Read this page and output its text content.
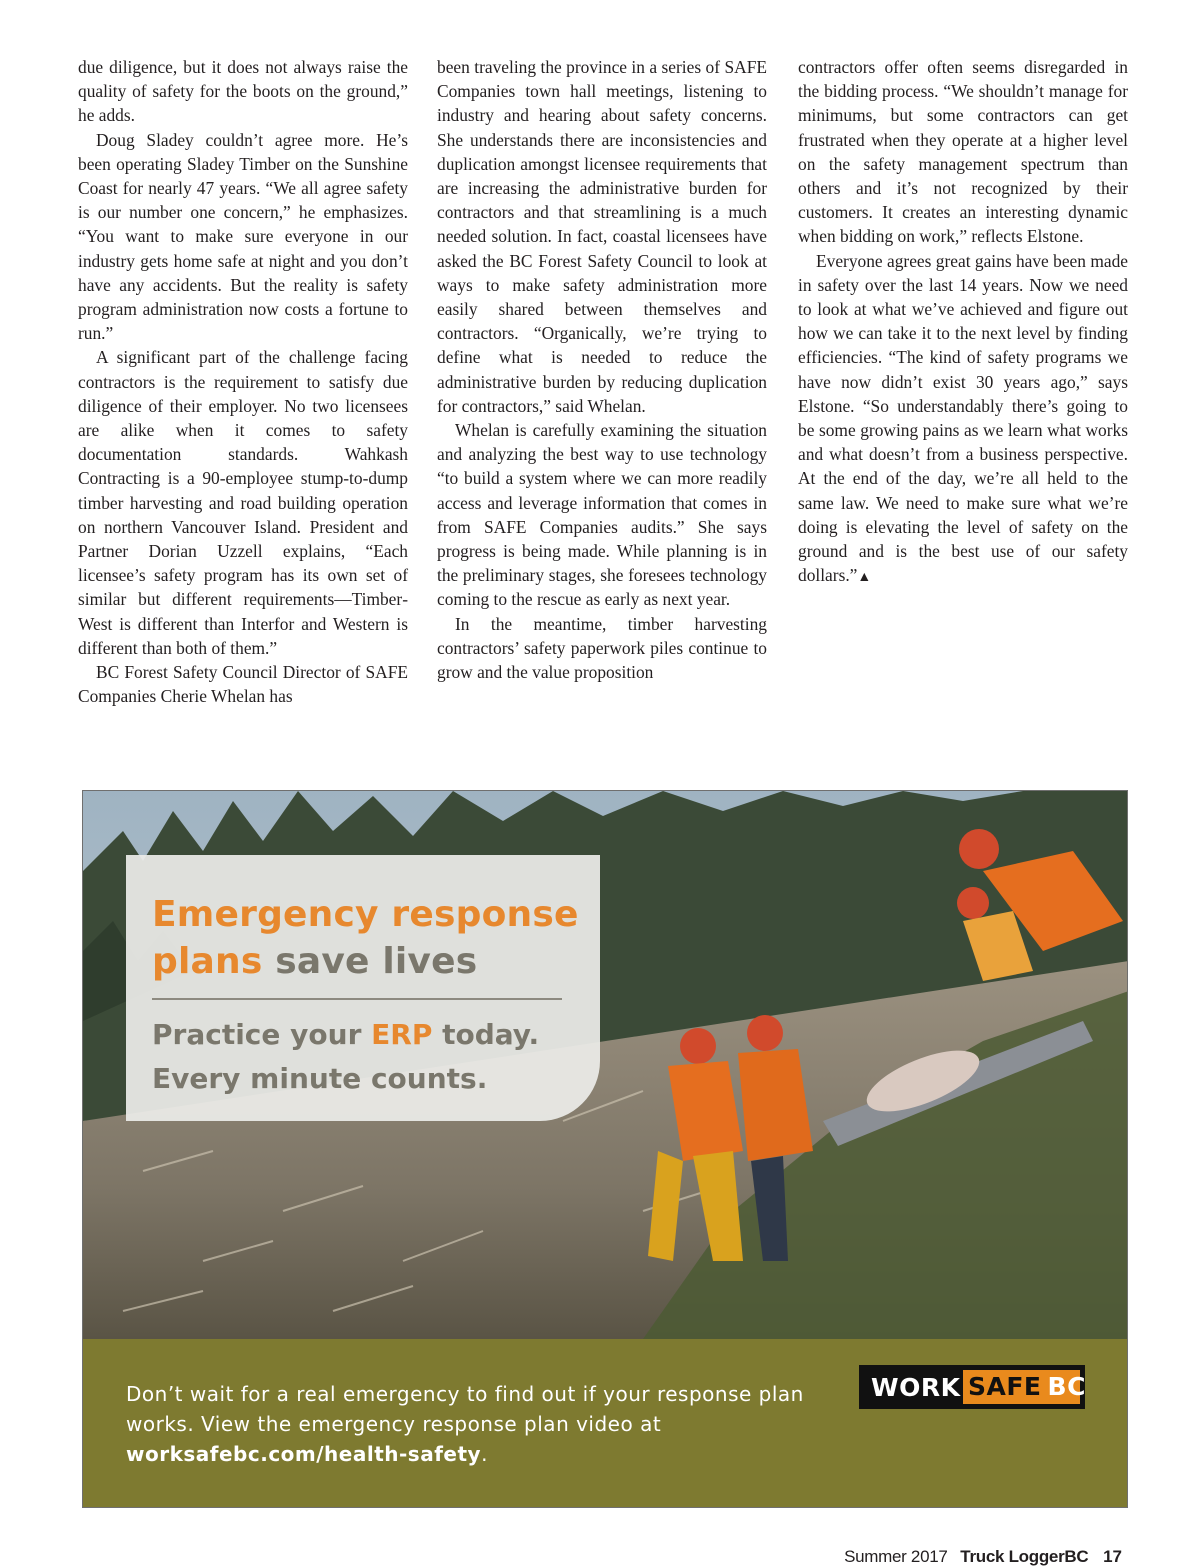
due diligence, but it does not always raise the quality of safety for the boots on the ground,” he adds.

Doug Sladey couldn’t agree more. He’s been operating Sladey Timber on the Sunshine Coast for nearly 47 years. “We all agree safety is our number one concern,” he emphasizes. “You want to make sure everyone in our industry gets home safe at night and you don’t have any accidents. But the reality is safety program administration now costs a fortune to run.”

A significant part of the challenge facing contractors is the requirement to satisfy due diligence of their employer. No two licensees are alike when it comes to safety documentation standards. Wahkash Contracting is a 90-employee stump-to-dump timber harvesting and road building operation on northern Vancouver Island. President and Partner Dorian Uzzell explains, “Each licensee’s safety program has its own set of similar but different requirements—TimberWest is different than Interfor and Western is different than both of them.”

BC Forest Safety Council Director of SAFE Companies Cherie Whelan has

been traveling the province in a series of SAFE Companies town hall meetings, listening to industry and hearing about safety concerns. She understands there are inconsistencies and duplication amongst licensee requirements that are increasing the administrative burden for contractors and that streamlining is a much needed solution. In fact, coastal licensees have asked the BC Forest Safety Council to look at ways to make safety administration more easily shared between themselves and contractors. “Organically, we’re trying to define what is needed to reduce the administrative burden by reducing duplication for contractors,” said Whelan.

Whelan is carefully examining the situation and analyzing the best way to use technology “to build a system where we can more readily access and leverage information that comes in from SAFE Companies audits.” She says progress is being made. While planning is in the preliminary stages, she foresees technology coming to the rescue as early as next year.

In the meantime, timber harvesting contractors’ safety paperwork piles continue to grow and the value proposition

contractors offer often seems disregarded in the bidding process. “We shouldn’t manage for minimums, but some contractors can get frustrated when they operate at a higher level on the safety management spectrum than others and it’s not recognized by their customers. It creates an interesting dynamic when bidding on work,” reflects Elstone.

Everyone agrees great gains have been made in safety over the last 14 years. Now we need to look at what we’ve achieved and figure out how we can take it to the next level by finding efficiencies. “The kind of safety programs we have now didn’t exist 30 years ago,” says Elstone. “So understandably there’s going to be some growing pains as we learn what works and what doesn’t from a business perspective. At the end of the day, we’re all held to the same law. We need to make sure what we’re doing is elevating the level of safety on the ground and is the best use of our safety dollars.”▲

Emergency response plans save lives
Practice your ERP today.
Every minute counts.
Don’t wait for a real emergency to find out if your response plan works. View the emergency response plan video at worksafebc.com/health-safety.
WORK SAFE BC
Summer 2017 Truck LoggerBC 17
